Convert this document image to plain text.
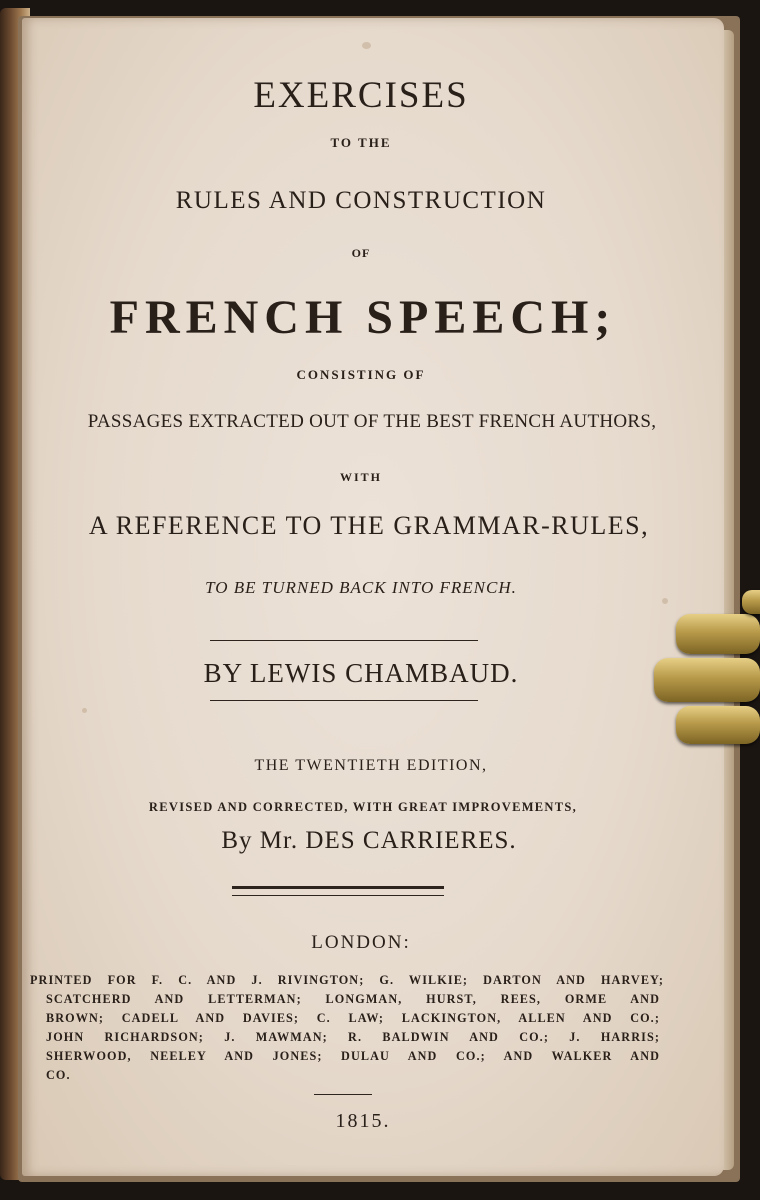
EXERCISES
TO THE
RULES AND CONSTRUCTION
OF
FRENCH SPEECH;
CONSISTING OF
PASSAGES EXTRACTED OUT OF THE BEST FRENCH AUTHORS,
WITH
A REFERENCE TO THE GRAMMAR-RULES,
TO BE TURNED BACK INTO FRENCH.
BY LEWIS CHAMBAUD.
THE TWENTIETH EDITION,
REVISED AND CORRECTED, WITH GREAT IMPROVEMENTS,
By Mr. DES CARRIERES.
LONDON:
PRINTED FOR F. C. AND J. RIVINGTON; G. WILKIE; DARTON AND HARVEY;
SCATCHERD AND LETTERMAN; LONGMAN, HURST, REES, ORME AND
BROWN; CADELL AND DAVIES; C. LAW; LACKINGTON, ALLEN AND CO.;
JOHN RICHARDSON; J. MAWMAN; R. BALDWIN AND CO.; J. HARRIS;
SHERWOOD, NEELEY AND JONES; DULAU AND CO.; AND WALKER AND
CO.
1815.
